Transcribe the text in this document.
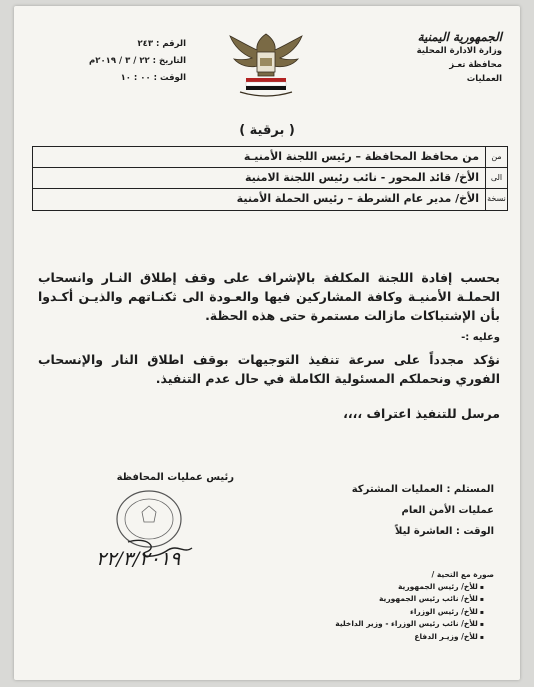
الجمهورية اليمنية
وزارة الادارة المحلية
محافظة تعـز
العمليات
الرقم : ٢٤٣
التاريخ : ٢٢ / ٣ / ٢٠١٩م
الوقت : ٠٠ : ١٠
( برقية )
من
من محافظ المحافظة – رئيس اللجنة الأمنيـة
الى
الأخ/ قائد المحور - نائب رئيس اللجنة الامنية
نسخة
الأخ/ مدير عام الشرطة – رئيس الحملة الأمنية

بحسب إفادة اللجنة المكلفة بالإشراف على وقف إطلاق النـار وانسحاب الحملـة الأمنيـة وكافة المشاركين فيها والعـودة الى ثكنـاتهم والذيـن أكـدوا بأن الإشتباكات مازالت مستمرة حتى هذه الحظة.

وعليه :-

نؤكد مجدداً على سرعة تنفيذ التوجيهات بوقف اطلاق النار والإنسحاب الفوري ونحملكم المسئولية الكاملة في حال عدم التنفيذ.

مرسل للتنفيذ اعتراف ،،،،

رئيس عمليات المحافظة
٢٢/٣/٢٠١٩
المستلم : العمليات المشتركة
عمليات الأمن العام
الوقت : العاشرة ليلاً
صورة مع التحية /
▪ للأخ/ رئيس الجمهورية
▪ للأخ/ نائب رئيس الجمهورية
▪ للأخ/ رئيس الوزراء
▪ للأخ/ نائب رئيس الوزراء - وزير الداخلية
▪ للأخ/ وزيـر الدفاع
